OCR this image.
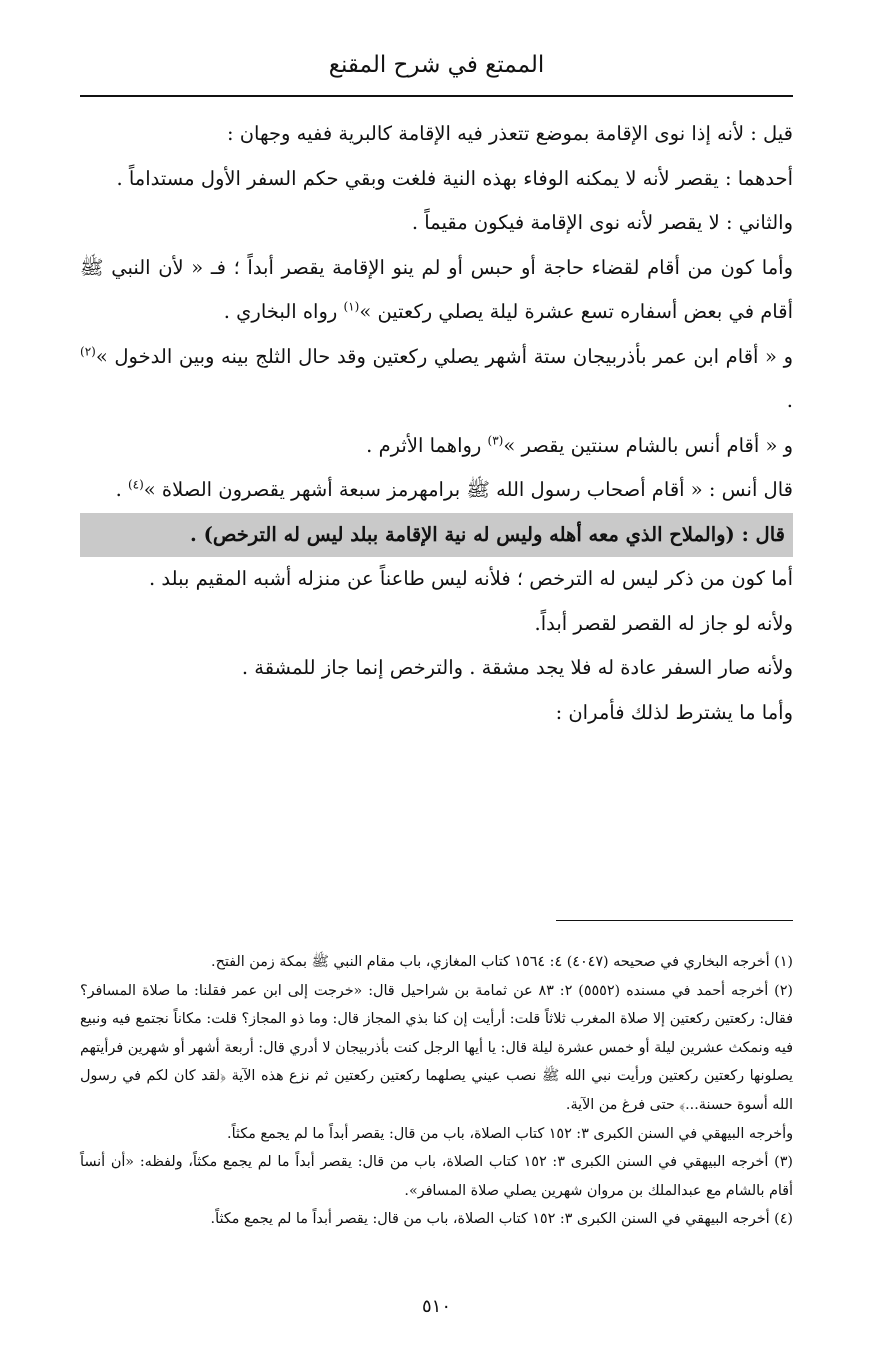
الممتع في شرح المقنع

قيل : لأنه إذا نوى الإقامة بموضع تتعذر فيه الإقامة كالبرية ففيه وجهان :

أحدهما : يقصر لأنه لا يمكنه الوفاء بهذه النية فلغت وبقي حكم السفر الأول مستداماً .

والثاني : لا يقصر لأنه نوى الإقامة فيكون مقيماً .

وأما كون من أقام لقضاء حاجة أو حبس أو لم ينو الإقامة يقصر أبداً ؛ فـ « لأن النبي ﷺ أقام في بعض أسفاره تسع عشرة ليلة يصلي ركعتين »$^{(١)}$ رواه البخاري .

و « أقام ابن عمر بأذربيجان ستة أشهر يصلي ركعتين وقد حال الثلج بينه وبين الدخول »$^{(٢)}$ .

و « أقام أنس بالشام سنتين يقصر »$^{(٣)}$ رواهما الأثرم .

قال أنس : « أقام أصحاب رسول الله ﷺ برامهرمز سبعة أشهر يقصرون الصلاة »$^{(٤)}$ .

قال : (والملاح الذي معه أهله وليس له نية الإقامة ببلد ليس له الترخص) .

أما كون من ذكر ليس له الترخص ؛ فلأنه ليس طاعناً عن منزله أشبه المقيم ببلد .

ولأنه لو جاز له القصر لقصر أبداً.

ولأنه صار السفر عادة له فلا يجد مشقة . والترخص إنما جاز للمشقة .

وأما ما يشترط لذلك فأمران :

(١) أخرجه البخاري في صحيحه (٤٠٤٧) ٤: ١٥٦٤ كتاب المغازي، باب مقام النبي ﷺ بمكة زمن الفتح.

(٢) أخرجه أحمد في مسنده (٥٥٥٢) ٢: ٨٣ عن ثمامة بن شراحيل قال: «خرجت إلى ابن عمر فقلنا: ما صلاة المسافر؟ فقال: ركعتين ركعتين إلا صلاة المغرب ثلاثاً قلت: أرأيت إن كنا بذي المجاز قال: وما ذو المجاز؟ قلت: مكاناً نجتمع فيه ونبيع فيه ونمكث عشرين ليلة أو خمس عشرة ليلة قال: يا أيها الرجل كنت بأذربيجان لا أدري قال: أربعة أشهر أو شهرين فرأيتهم يصلونها ركعتين ركعتين ورأيت نبي الله ﷺ نصب عيني يصلهما ركعتين ركعتين ثم نزع هذه الآية ﴿لقد كان لكم في رسول الله أسوة حسنة...﴾ حتى فرغ من الآية.

وأخرجه البيهقي في السنن الكبرى ٣: ١٥٢ كتاب الصلاة، باب من قال: يقصر أبداً ما لم يجمع مكثاً.

(٣) أخرجه البيهقي في السنن الكبرى ٣: ١٥٢ كتاب الصلاة، باب من قال: يقصر أبداً ما لم يجمع مكثاً، ولفظه: «أن أنساً أقام بالشام مع عبدالملك بن مروان شهرين يصلي صلاة المسافر».

(٤) أخرجه البيهقي في السنن الكبرى ٣: ١٥٢ كتاب الصلاة، باب من قال: يقصر أبداً ما لم يجمع مكثاً.

٥١٠
